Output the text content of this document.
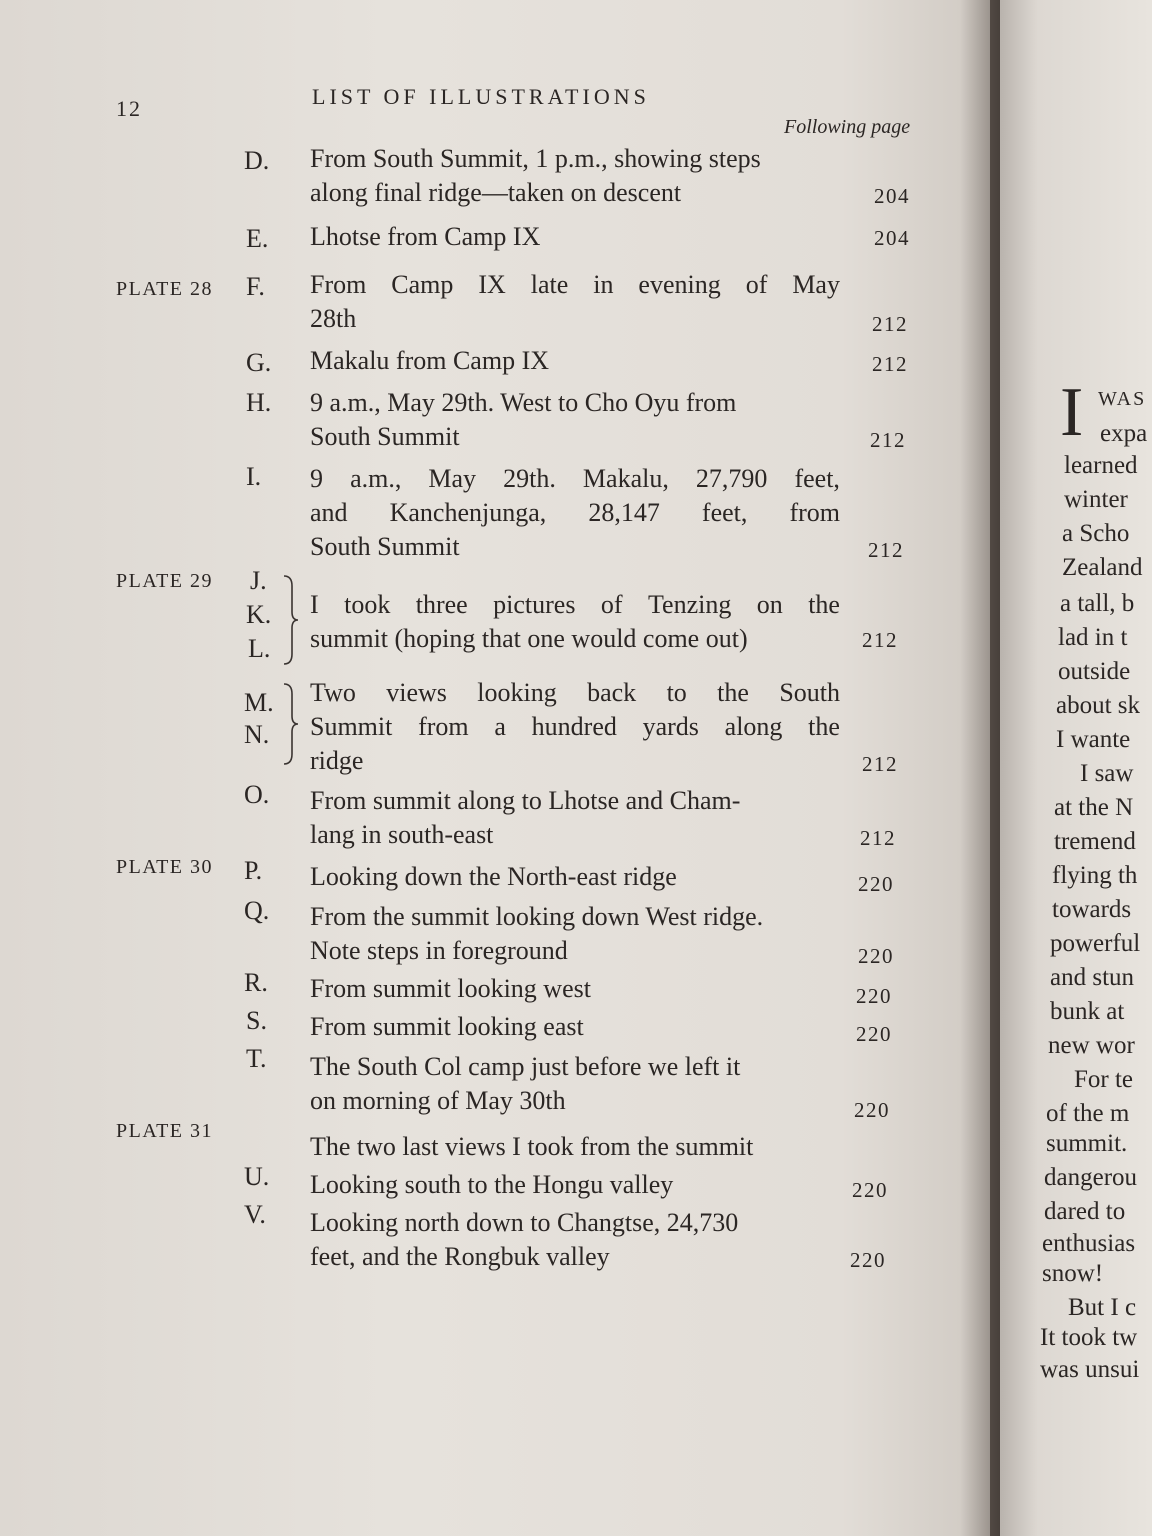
12	LIST OF ILLUSTRATIONS
Following page
D.	From South Summit, 1 p.m., showing steps
along final ridge—taken on descent	204
E.	Lhotse from Camp IX	204
PLATE 28 F.	From Camp IX late in evening of May
28th	212
G.	Makalu from Camp IX	212
H.	9 a.m., May 29th. West to Cho Oyu from
South Summit	212
I.	9 a.m., May 29th. Makalu, 27,790 feet,
and Kanchenjunga, 28,147 feet, from
South Summit	212
PLATE 29 J.
K.
L.
I took three pictures of Tenzing on the
summit (hoping that one would come out)	212
M.
N.
Two views looking back to the South
Summit from a hundred yards along the
ridge	212
O.	From summit along to Lhotse and Cham-
lang in south-east	212
PLATE 30 P.	Looking down the North-east ridge	220
Q.	From the summit looking down West ridge.
Note steps in foreground	220
R.	From summit looking west	220
S.	From summit looking east	220
T.	The South Col camp just before we left it
on morning of May 30th	220
PLATE 31
The two last views I took from the summit
U.	Looking south to the Hongu valley	220
V.	Looking north down to Changtse, 24,730
feet, and the Rongbuk valley	220
I WAS
expa
learned
winter
a Scho
Zealand
a tall, b
lad in t
outside
about sk
I wante
I saw
at the N
tremend
flying th
towards
powerful
and stun
bunk at
new wor
For te
of the m
summit.
dangerou
dared to
enthusias
snow!
But I c
It took tw
was unsui
